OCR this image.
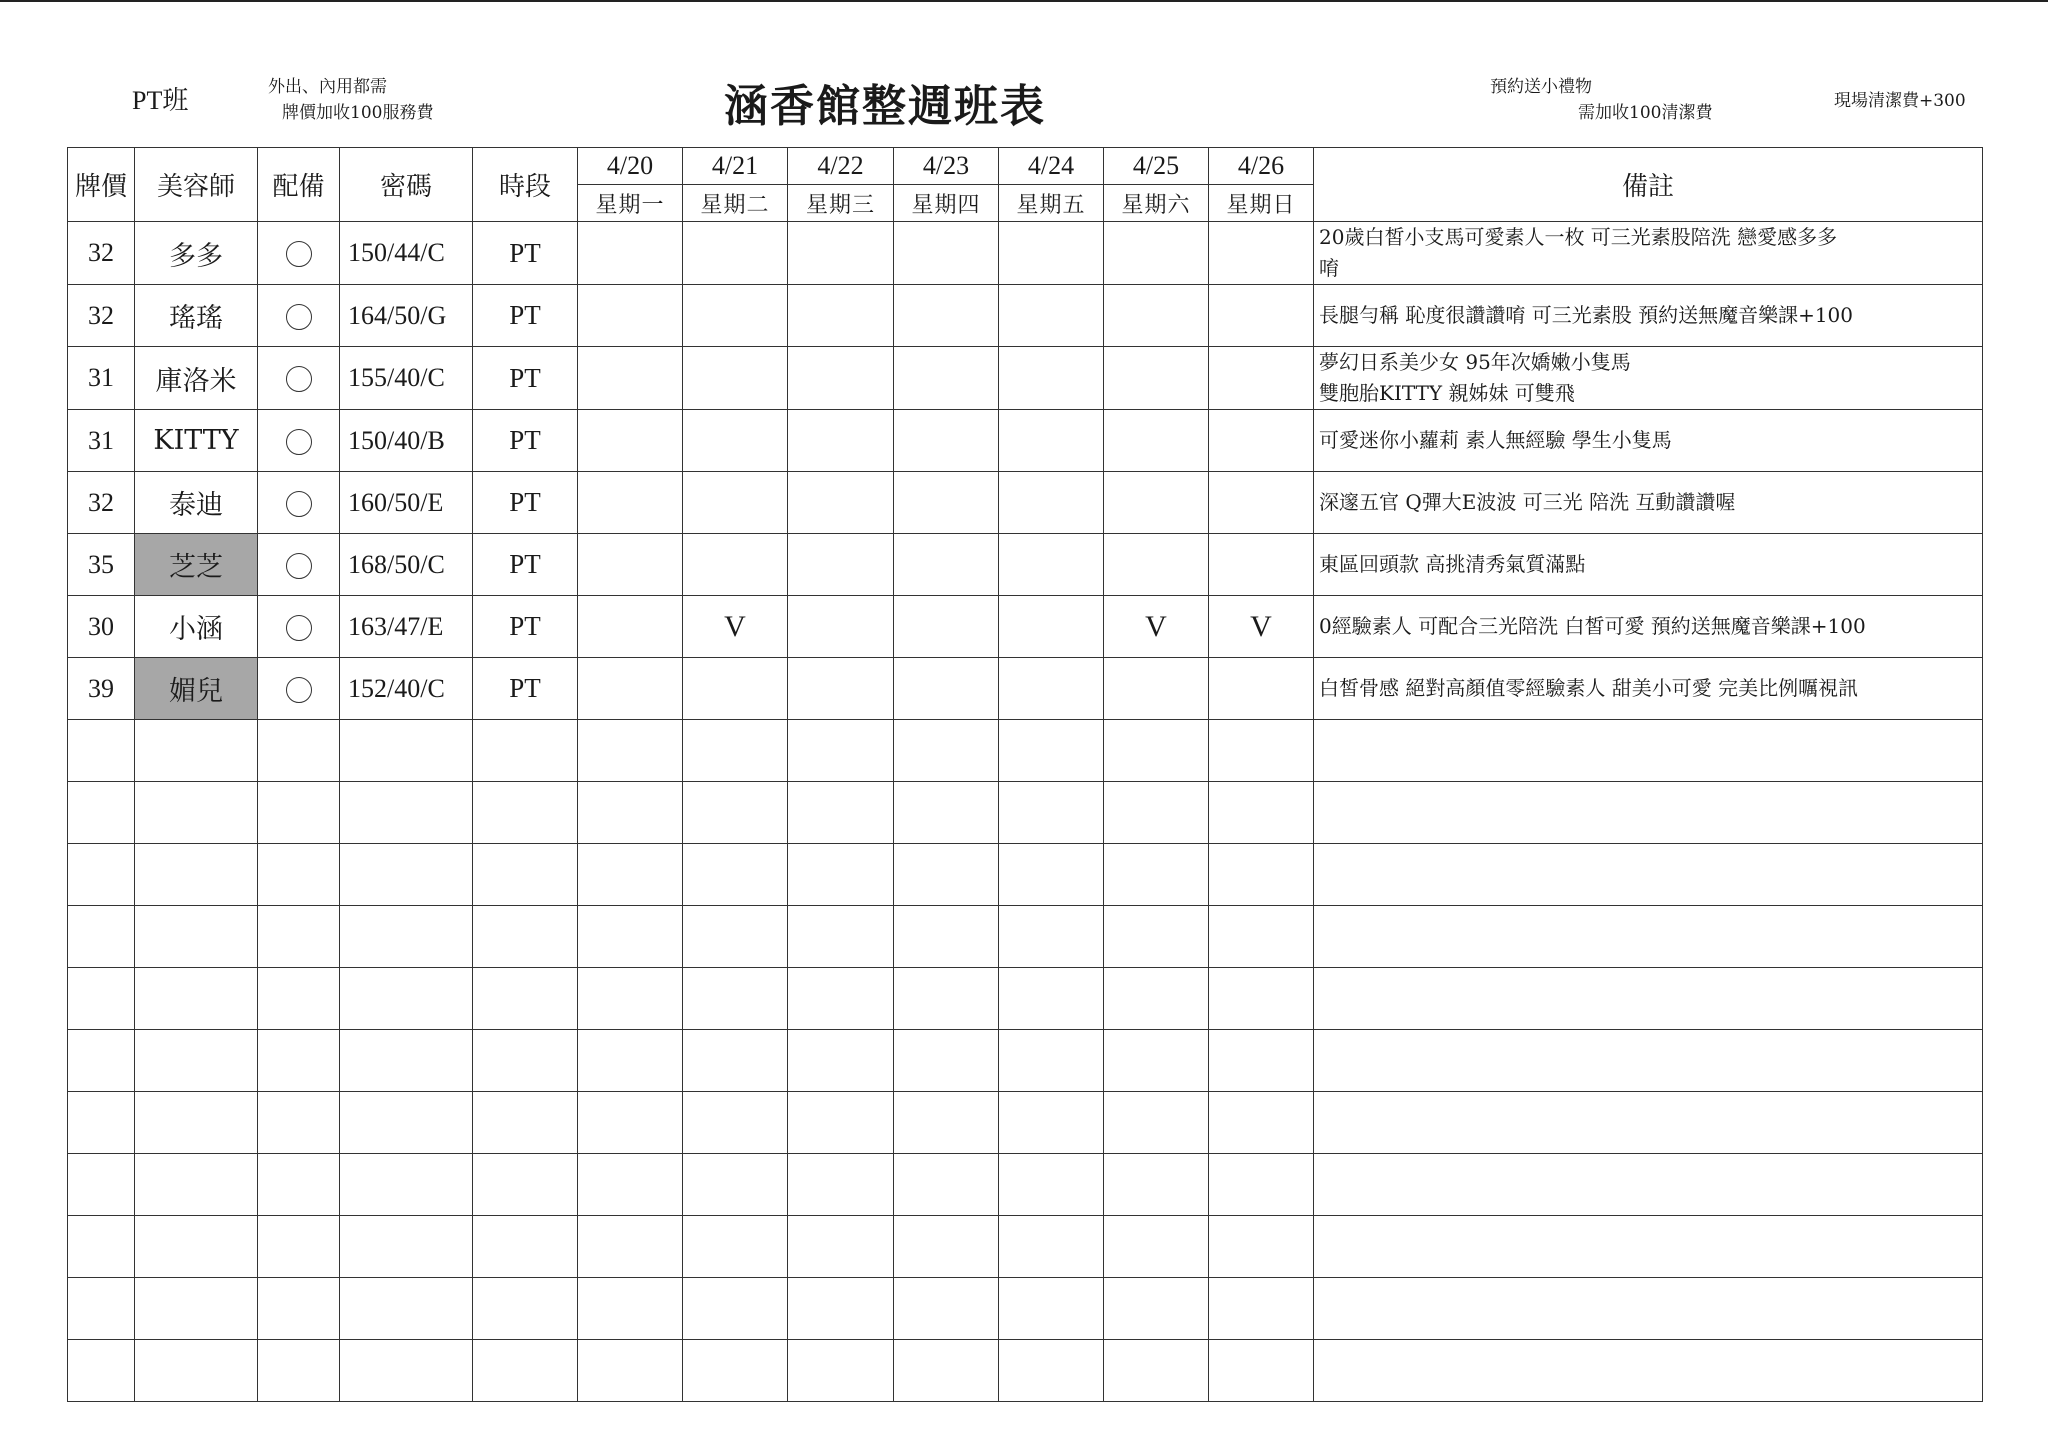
PT班	外出、內用都需
牌價加收100服務費	涵香館整週班表	預約送小禮物
需加收100清潔費
現場清潔費+300
牌價	美容師	配備	密碼	時段	4/20	4/21	4/22	4/23	4/24	4/25	4/26	備註
					星期一	星期二	星期三	星期四	星期五	星期六	星期日	
32	多多		150/44/C	PT								20歲白皙小支馬可愛素人一枚 可三光素股陪洗 戀愛感多多
唷

32	瑤瑤		164/50/G	PT								長腿勻稱 恥度很讚讚唷 可三光素股 預約送無魔音樂課+100

31	庫洛米		155/40/C	PT								夢幻日系美少女 95年次嬌嫩小隻馬
雙胞胎KITTY 親姊妹 可雙飛

31	KITTY		150/40/B	PT								可愛迷你小蘿莉 素人無經驗 學生小隻馬

32	泰迪		160/50/E	PT								深邃五官 Q彈大E波波 可三光 陪洗 互動讚讚喔

35	芝芝		168/50/C	PT								東區回頭款 高挑清秀氣質滿點

30	小涵		163/47/E	PT		V				V	V	0經驗素人 可配合三光陪洗 白皙可愛 預約送無魔音樂課+100

39	媚兒		152/40/C	PT								白皙骨感 絕對高顏值零經驗素人 甜美小可愛 完美比例𡂖視訊
